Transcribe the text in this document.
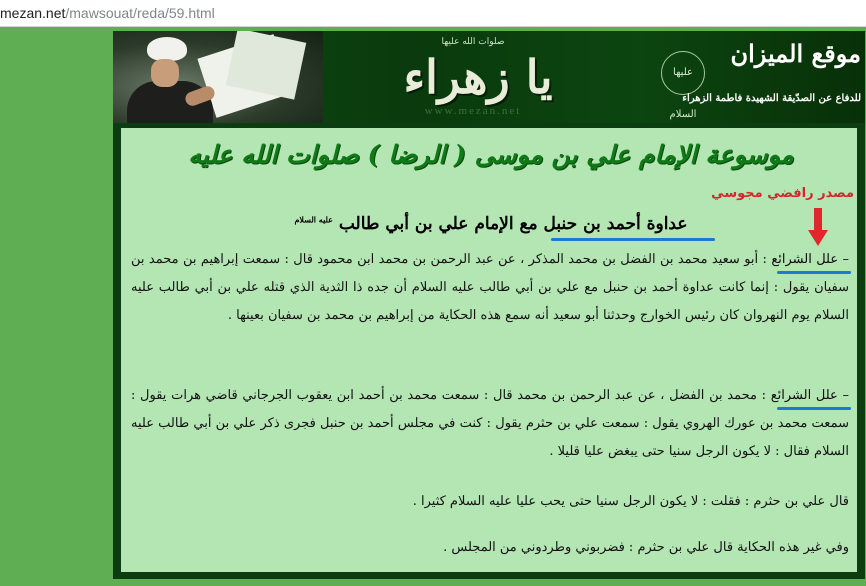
mezan.net/mawsouat/reda/59.html
صلوات الله عليها
يا زهراء
www.mezan.net
عليها السلام
موقع الميزان
للدفاع عن الصدّيقة الشهيدة فاطمة الزهراء
موسوعة الإمام علي بن موسى ( الرضا ) صلوات الله عليه
مصدر رافضي مجوسي
عداوة أحمد بن حنبل مع الإمام علي بن أبي طالب $^{عليه السلام}$
– علل الشرائع : أبو سعيد محمد بن الفضل بن محمد المذكر ، عن عبد الرحمن بن محمد ابن محمود قال : سمعت إبراهيم بن محمد بن سفيان يقول : إنما كانت عداوة أحمد بن حنبل مع علي بن أبي طالب عليه السلام أن جده ذا الثدية الذي قتله علي بن أبي طالب عليه السلام يوم النهروان كان رئيس الخوارج وحدثنا أبو سعيد أنه سمع هذه الحكاية من إبراهيم بن محمد بن سفيان بعينها .
– علل الشرائع : محمد بن الفضل ، عن عبد الرحمن بن محمد قال : سمعت محمد بن أحمد ابن يعقوب الجرجاني قاضي هرات يقول : سمعت محمد بن عورك الهروي يقول : سمعت علي بن حثرم يقول : كنت في مجلس أحمد بن حنبل فجرى ذكر علي بن أبي طالب عليه السلام فقال : لا يكون الرجل سنيا حتى يبغض عليا قليلا .
قال علي بن حثرم : فقلت : لا يكون الرجل سنيا حتى يحب عليا عليه السلام كثيرا .
وفي غير هذه الحكاية قال علي بن حثرم : فضربوني وطردوني من المجلس .
